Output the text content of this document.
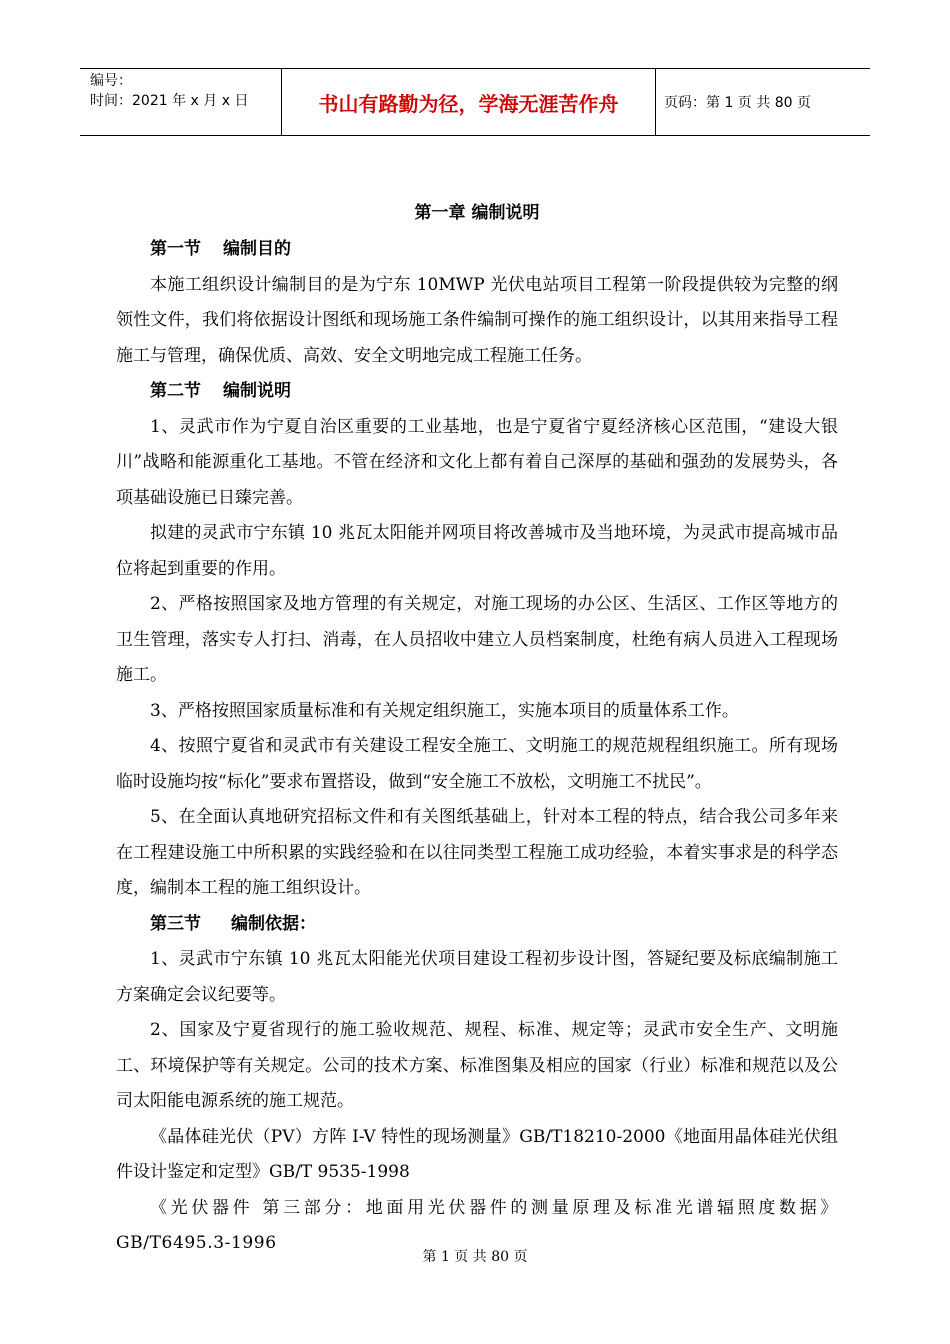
编号：
时间：2021 年 x 月 x 日	书山有路勤为径，学海无涯苦作舟	页码：第 1 页 共 80 页
第一章 编制说明

第一节 编制目的

本施工组织设计编制目的是为宁东 10MWP 光伏电站项目工程第一阶段提供较为完整的纲领性文件，我们将依据设计图纸和现场施工条件编制可操作的施工组织设计，以其用来指导工程施工与管理，确保优质、高效、安全文明地完成工程施工任务。

第二节 编制说明

1、灵武市作为宁夏自治区重要的工业基地，也是宁夏省宁夏经济核心区范围，“建设大银川”战略和能源重化工基地。不管在经济和文化上都有着自己深厚的基础和强劲的发展势头，各项基础设施已日臻完善。

拟建的灵武市宁东镇 10 兆瓦太阳能并网项目将改善城市及当地环境，为灵武市提高城市品位将起到重要的作用。

2、严格按照国家及地方管理的有关规定，对施工现场的办公区、生活区、工作区等地方的卫生管理，落实专人打扫、消毒，在人员招收中建立人员档案制度，杜绝有病人员进入工程现场施工。

3、严格按照国家质量标准和有关规定组织施工，实施本项目的质量体系工作。

4、按照宁夏省和灵武市有关建设工程安全施工、文明施工的规范规程组织施工。所有现场临时设施均按“标化”要求布置搭设，做到“安全施工不放松，文明施工不扰民”。

5、在全面认真地研究招标文件和有关图纸基础上，针对本工程的特点，结合我公司多年来在工程建设施工中所积累的实践经验和在以往同类型工程施工成功经验，本着实事求是的科学态度，编制本工程的施工组织设计。

第三节 编制依据：

1、灵武市宁东镇 10 兆瓦太阳能光伏项目建设工程初步设计图，答疑纪要及标底编制施工方案确定会议纪要等。

2、国家及宁夏省现行的施工验收规范、规程、标准、规定等；灵武市安全生产、文明施工、环境保护等有关规定。公司的技术方案、标准图集及相应的国家（行业）标准和规范以及公司太阳能电源系统的施工规范。

《晶体硅光伏（PV）方阵 I-V 特性的现场测量》GB/T18210-2000《地面用晶体硅光伏组件设计鉴定和定型》GB/T 9535-1998

《光伏器件 第三部分：地面用光伏器件的测量原理及标准光谱辐照度数据》GB/T6495.3-1996

第 1 页 共 80 页
